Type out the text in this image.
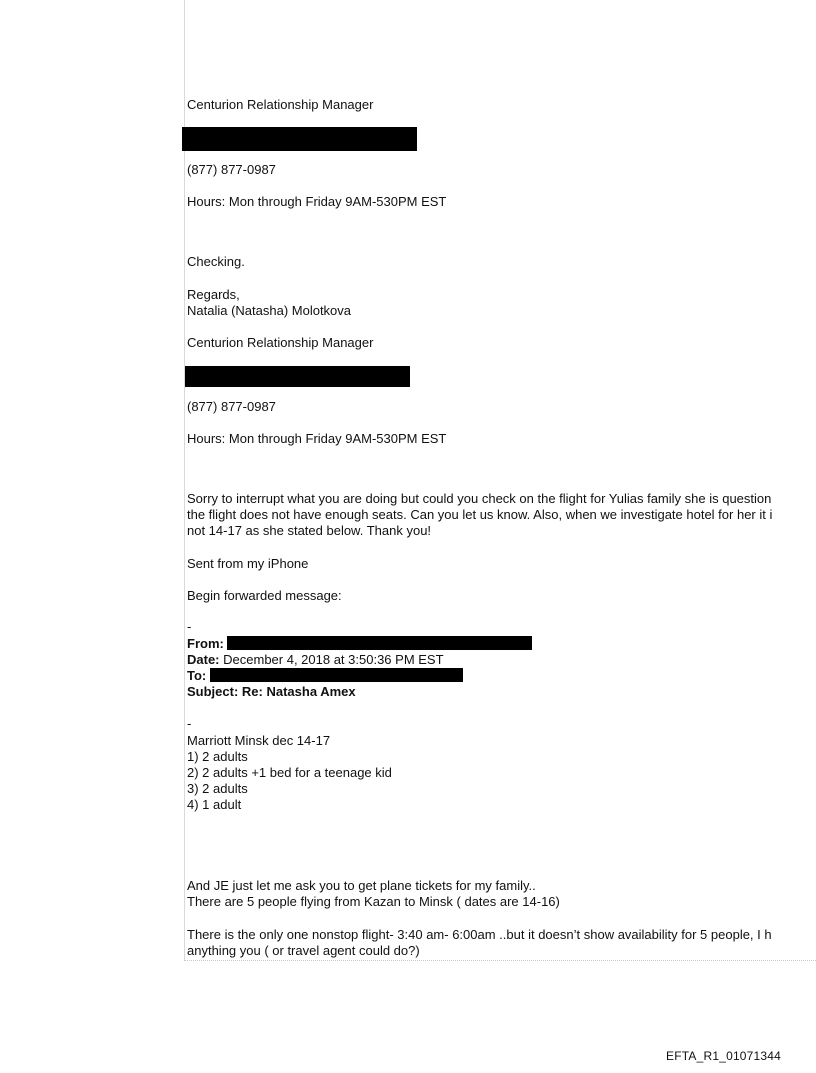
Centurion Relationship Manager
(877) 877-0987
Hours: Mon through Friday 9AM-530PM EST
Checking.
Regards,
Natalia (Natasha) Molotkova
Centurion Relationship Manager
(877) 877-0987
Hours: Mon through Friday 9AM-530PM EST
Sorry to interrupt what you are doing but could you check on the flight for Yulias family she is question
the flight does not have enough seats. Can you let us know. Also, when we investigate hotel for her it i
not 14-17 as she stated below. Thank you!
Sent from my iPhone
Begin forwarded message:
-
From:
Date: December 4, 2018 at 3:50:36 PM EST
To:
Subject: Re: Natasha Amex
-
Marriott Minsk dec 14-17
1) 2 adults
2) 2 adults +1 bed for a teenage kid
3) 2 adults
4) 1 adult
And JE just let me ask you to get plane tickets for my family..
There are 5 people flying from Kazan to Minsk ( dates are 14-16)
There is the only one nonstop flight- 3:40 am- 6:00am ..but it doesn’t show availability for 5 people, I h
anything you ( or travel agent could do?)
EFTA_R1_01071344
